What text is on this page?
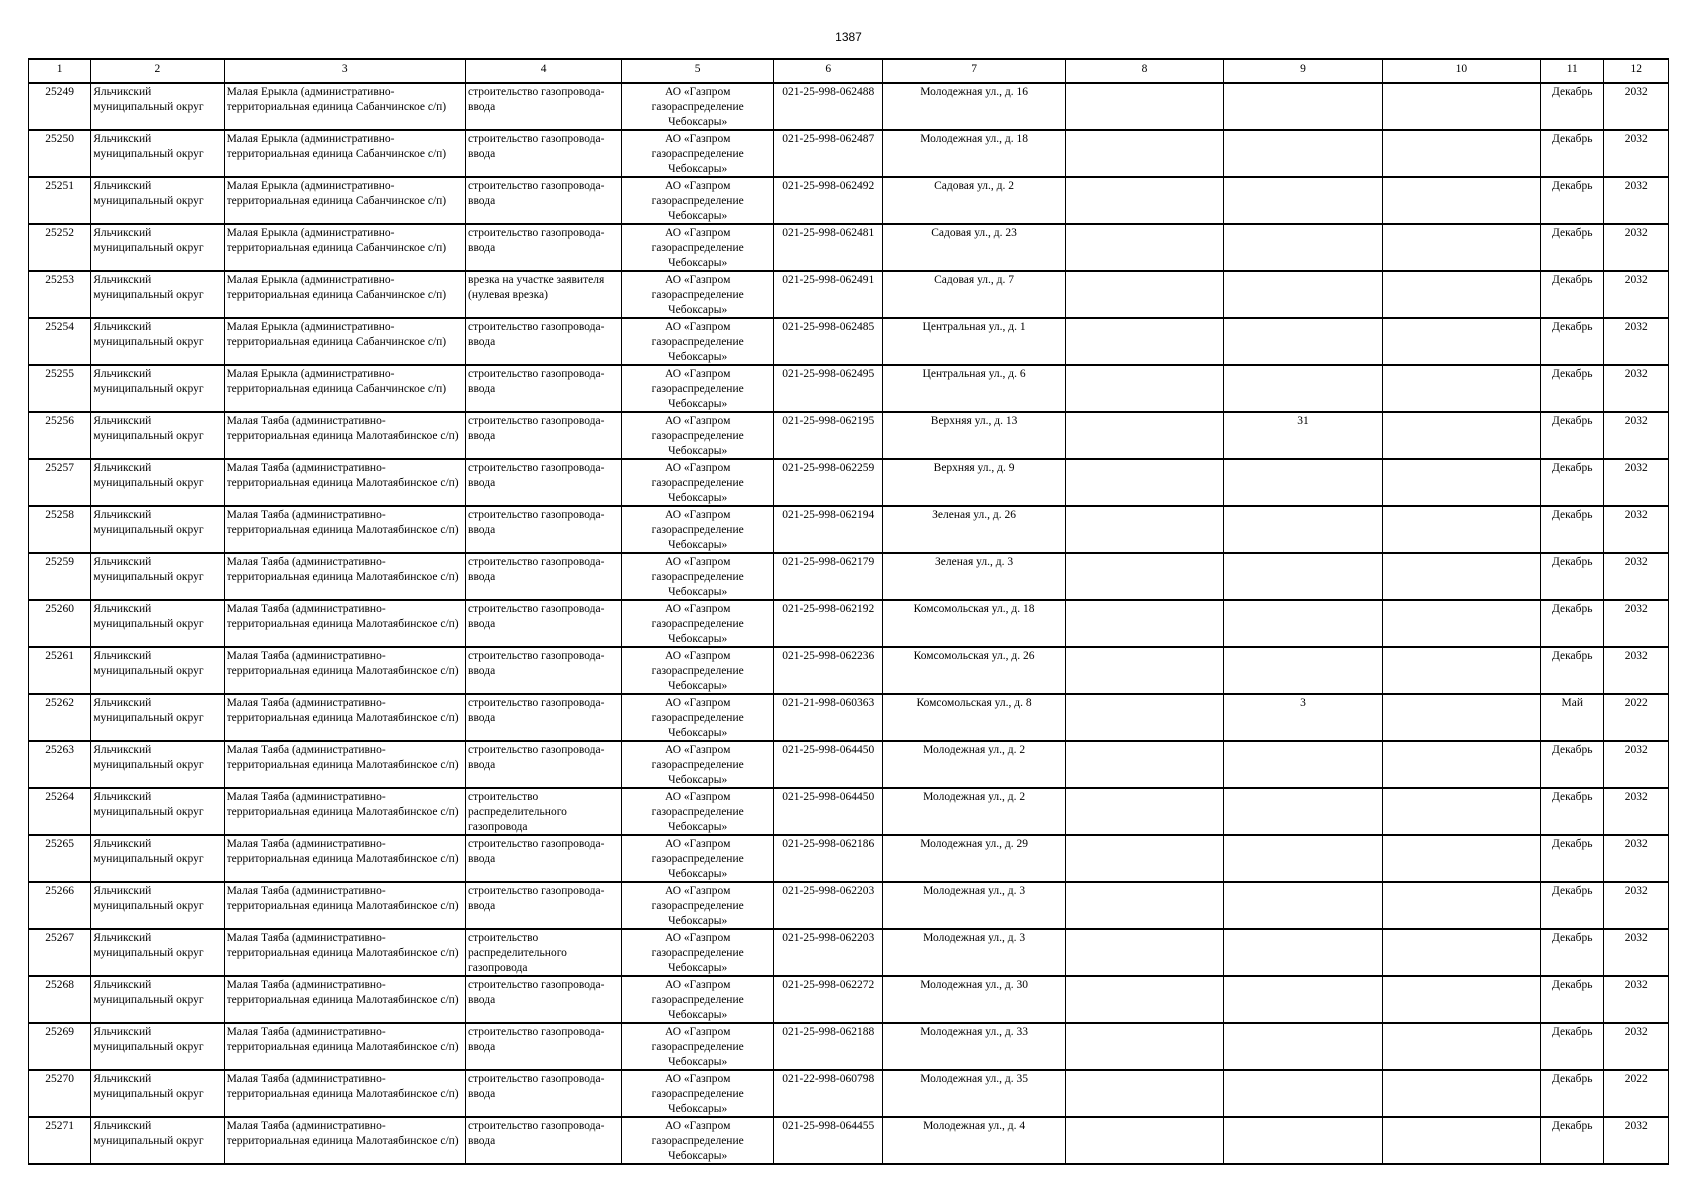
1387
1	2	3	4	5	6	7	8	9	10	11	12

25249	Яльчикский муниципальный округ	Малая Ерыкла (административно-территориальная единица Сабанчинское с/п)	строительство газопровода-ввода	АО «Газпром газораспределение Чебоксары»	021-25-998-062488	Молодежная ул., д. 16				Декабрь	2032

25250	Яльчикский муниципальный округ	Малая Ерыкла (административно-территориальная единица Сабанчинское с/п)	строительство газопровода-ввода	АО «Газпром газораспределение Чебоксары»	021-25-998-062487	Молодежная ул., д. 18				Декабрь	2032

25251	Яльчикский муниципальный округ	Малая Ерыкла (административно-территориальная единица Сабанчинское с/п)	строительство газопровода-ввода	АО «Газпром газораспределение Чебоксары»	021-25-998-062492	Садовая ул., д. 2				Декабрь	2032

25252	Яльчикский муниципальный округ	Малая Ерыкла (административно-территориальная единица Сабанчинское с/п)	строительство газопровода-ввода	АО «Газпром газораспределение Чебоксары»	021-25-998-062481	Садовая ул., д. 23				Декабрь	2032

25253	Яльчикский муниципальный округ	Малая Ерыкла (административно-территориальная единица Сабанчинское с/п)	врезка на участке заявителя (нулевая врезка)	АО «Газпром газораспределение Чебоксары»	021-25-998-062491	Садовая ул., д. 7				Декабрь	2032

25254	Яльчикский муниципальный округ	Малая Ерыкла (административно-территориальная единица Сабанчинское с/п)	строительство газопровода-ввода	АО «Газпром газораспределение Чебоксары»	021-25-998-062485	Центральная ул., д. 1				Декабрь	2032

25255	Яльчикский муниципальный округ	Малая Ерыкла (административно-территориальная единица Сабанчинское с/п)	строительство газопровода-ввода	АО «Газпром газораспределение Чебоксары»	021-25-998-062495	Центральная ул., д. 6				Декабрь	2032

25256	Яльчикский муниципальный округ	Малая Таяба (административно-территориальная единица Малотаябинское с/п)	строительство газопровода-ввода	АО «Газпром газораспределение Чебоксары»	021-25-998-062195	Верхняя ул., д. 13		31		Декабрь	2032

25257	Яльчикский муниципальный округ	Малая Таяба (административно-территориальная единица Малотаябинское с/п)	строительство газопровода-ввода	АО «Газпром газораспределение Чебоксары»	021-25-998-062259	Верхняя ул., д. 9				Декабрь	2032

25258	Яльчикский муниципальный округ	Малая Таяба (административно-территориальная единица Малотаябинское с/п)	строительство газопровода-ввода	АО «Газпром газораспределение Чебоксары»	021-25-998-062194	Зеленая ул., д. 26				Декабрь	2032

25259	Яльчикский муниципальный округ	Малая Таяба (административно-территориальная единица Малотаябинское с/п)	строительство газопровода-ввода	АО «Газпром газораспределение Чебоксары»	021-25-998-062179	Зеленая ул., д. 3				Декабрь	2032

25260	Яльчикский муниципальный округ	Малая Таяба (административно-территориальная единица Малотаябинское с/п)	строительство газопровода-ввода	АО «Газпром газораспределение Чебоксары»	021-25-998-062192	Комсомольская ул., д. 18				Декабрь	2032

25261	Яльчикский муниципальный округ	Малая Таяба (административно-территориальная единица Малотаябинское с/п)	строительство газопровода-ввода	АО «Газпром газораспределение Чебоксары»	021-25-998-062236	Комсомольская ул., д. 26				Декабрь	2032

25262	Яльчикский муниципальный округ	Малая Таяба (административно-территориальная единица Малотаябинское с/п)	строительство газопровода-ввода	АО «Газпром газораспределение Чебоксары»	021-21-998-060363	Комсомольская ул., д. 8		3		Май	2022

25263	Яльчикский муниципальный округ	Малая Таяба (административно-территориальная единица Малотаябинское с/п)	строительство газопровода-ввода	АО «Газпром газораспределение Чебоксары»	021-25-998-064450	Молодежная ул., д. 2				Декабрь	2032

25264	Яльчикский муниципальный округ	Малая Таяба (административно-территориальная единица Малотаябинское с/п)	строительство распределительного газопровода	АО «Газпром газораспределение Чебоксары»	021-25-998-064450	Молодежная ул., д. 2				Декабрь	2032

25265	Яльчикский муниципальный округ	Малая Таяба (административно-территориальная единица Малотаябинское с/п)	строительство газопровода-ввода	АО «Газпром газораспределение Чебоксары»	021-25-998-062186	Молодежная ул., д. 29				Декабрь	2032

25266	Яльчикский муниципальный округ	Малая Таяба (административно-территориальная единица Малотаябинское с/п)	строительство газопровода-ввода	АО «Газпром газораспределение Чебоксары»	021-25-998-062203	Молодежная ул., д. 3				Декабрь	2032

25267	Яльчикский муниципальный округ	Малая Таяба (административно-территориальная единица Малотаябинское с/п)	строительство распределительного газопровода	АО «Газпром газораспределение Чебоксары»	021-25-998-062203	Молодежная ул., д. 3				Декабрь	2032

25268	Яльчикский муниципальный округ	Малая Таяба (административно-территориальная единица Малотаябинское с/п)	строительство газопровода-ввода	АО «Газпром газораспределение Чебоксары»	021-25-998-062272	Молодежная ул., д. 30				Декабрь	2032

25269	Яльчикский муниципальный округ	Малая Таяба (административно-территориальная единица Малотаябинское с/п)	строительство газопровода-ввода	АО «Газпром газораспределение Чебоксары»	021-25-998-062188	Молодежная ул., д. 33				Декабрь	2032

25270	Яльчикский муниципальный округ	Малая Таяба (административно-территориальная единица Малотаябинское с/п)	строительство газопровода-ввода	АО «Газпром газораспределение Чебоксары»	021-22-998-060798	Молодежная ул., д. 35				Декабрь	2022

25271	Яльчикский муниципальный округ	Малая Таяба (административно-территориальная единица Малотаябинское с/п)	строительство газопровода-ввода	АО «Газпром газораспределение Чебоксары»	021-25-998-064455	Молодежная ул., д. 4				Декабрь	2032
